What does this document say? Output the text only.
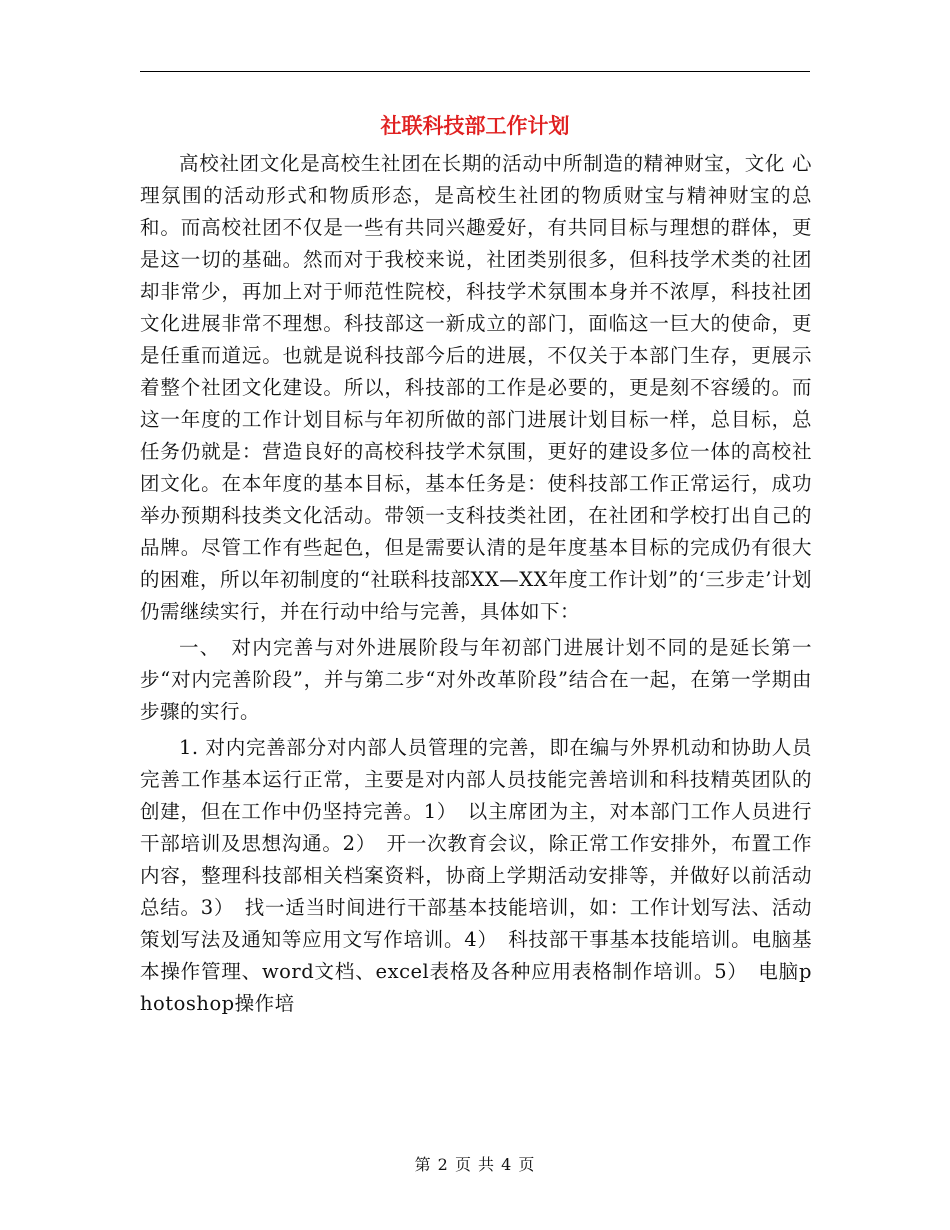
社联科技部工作计划

高校社团文化是高校生社团在长期的活动中所制造的精神财宝，文化 心理氛围的活动形式和物质形态，是高校生社团的物质财宝与精神财宝的总和。而高校社团不仅是一些有共同兴趣爱好，有共同目标与理想的群体，更是这一切的基础。然而对于我校来说，社团类别很多，但科技学术类的社团却非常少，再加上对于师范性院校，科技学术氛围本身并不浓厚，科技社团文化进展非常不理想。科技部这一新成立的部门，面临这一巨大的使命，更是任重而道远。也就是说科技部今后的进展，不仅关于本部门生存，更展示着整个社团文化建设。所以，科技部的工作是必要的，更是刻不容缓的。而这一年度的工作计划目标与年初所做的部门进展计划目标一样，总目标，总任务仍就是：营造良好的高校科技学术氛围，更好的建设多位一体的高校社团文化。在本年度的基本目标，基本任务是：使科技部工作正常运行，成功举办预期科技类文化活动。带领一支科技类社团，在社团和学校打出自己的品牌。尽管工作有些起色，但是需要认清的是年度基本目标的完成仍有很大的困难，所以年初制度的“社联科技部XX—XX年度工作计划”的‘三步走’计划仍需继续实行，并在行动中给与完善，具体如下：

一、　对内完善与对外进展阶段与年初部门进展计划不同的是延长第一步“对内完善阶段”，并与第二步“对外改革阶段”结合在一起，在第一学期由步骤的实行。

1. 对内完善部分对内部人员管理的完善，即在编与外界机动和协助人员完善工作基本运行正常，主要是对内部人员技能完善培训和科技精英团队的创建，但在工作中仍坚持完善。1）　以主席团为主，对本部门工作人员进行干部培训及思想沟通。2）　开一次教育会议，除正常工作安排外，布置工作内容，整理科技部相关档案资料，协商上学期活动安排等，并做好以前活动总结。3）　找一适当时间进行干部基本技能培训，如：工作计划写法、活动策划写法及通知等应用文写作培训。4）　科技部干事基本技能培训。电脑基本操作管理、word文档、excel表格及各种应用表格制作培训。5）　电脑photoshop操作培

第 2 页 共 4 页
